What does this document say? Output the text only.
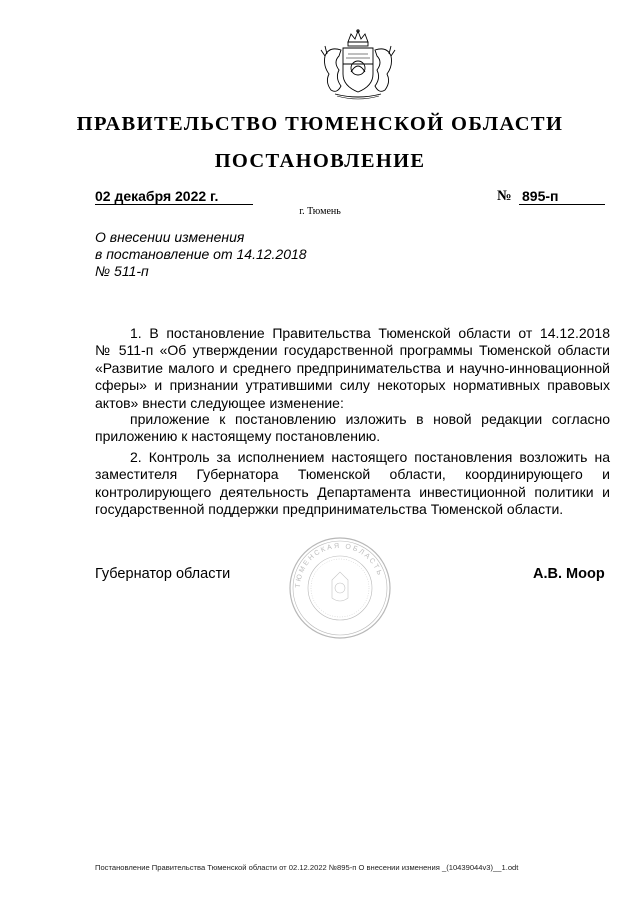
ПРАВИТЕЛЬСТВО ТЮМЕНСКОЙ ОБЛАСТИ
ПОСТАНОВЛЕНИЕ
02 декабря 2022 г.	№ 895-п
г. Тюмень
О внесении изменения
в постановление от 14.12.2018
№ 511-п
1. В постановление Правительства Тюменской области от 14.12.2018
№ 511-п «Об утверждении государственной программы Тюменской области
«Развитие малого и среднего предпринимательства и научно-инновационной
сферы» и признании утратившими силу некоторых нормативных правовых
актов» внести следующее изменение:
приложение к постановлению изложить в новой редакции согласно
приложению к настоящему постановлению.
2. Контроль за исполнением настоящего постановления возложить на
заместителя Губернатора Тюменской области, координирующего и
контролирующего деятельность Департамента инвестиционной политики и
государственной поддержки предпринимательства Тюменской области.
ТЮМЕНСКАЯ ОБЛАСТЬ
Губернатор области	А.В. Моор
Постановление Правительства Тюменской области от 02.12.2022 №895-п О внесении изменения _(10439044v3)__1.odt
